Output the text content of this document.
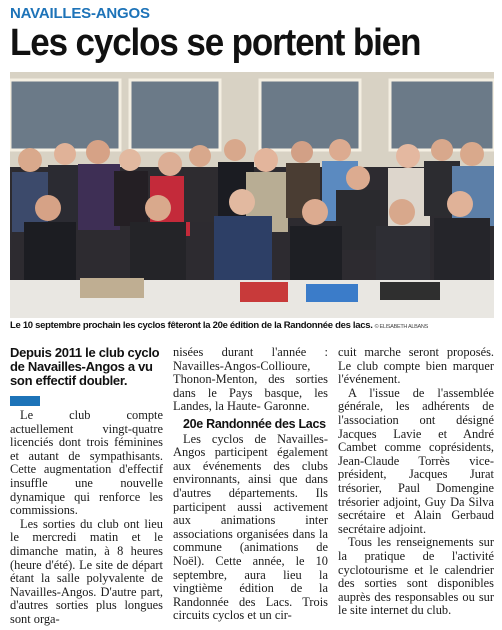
NAVAILLES-ANGOS
Les cyclos se portent bien
Le 10 septembre prochain les cyclos fêteront la 20e édition de la Randonnée des lacs. © ELISABETH ALBANS
Depuis 2011 le club cyclo de Navailles-Angos a vu son effectif doubler.

Le club compte actuellement vingt-quatre licenciés dont trois féminines et autant de sympathisants. Cette augmentation d'effectif insuffle une nouvelle dynamique qui renforce les commissions.

Les sorties du club ont lieu le mercredi matin et le dimanche matin, à 8 heures (heure d'été). Le site de départ étant la salle polyvalente de Navailles-Angos. D'autre part, d'autres sorties plus longues sont orga-

nisées durant l'année : Navailles-Angos-Collioure, Thonon-Menton, des sorties dans le Pays basque, les Landes, la Haute- Garonne.

20e Randonnée des Lacs

Les cyclos de Navailles-Angos participent également aux événements des clubs environnants, ainsi que dans d'autres départements. Ils participent aussi activement aux animations inter associations organisées dans la commune (animations de Noël). Cette année, le 10 septembre, aura lieu la vingtième édition de la Randonnée des Lacs. Trois circuits cyclos et un cir-

cuit marche seront proposés. Le club compte bien marquer l'événement.

A l'issue de l'assemblée générale, les adhérents de l'association ont désigné Jacques Lavie et André Cambet comme coprésidents, Jean-Claude Torrès vice- président, Jacques Jurat trésorier, Paul Domengine trésorier adjoint, Guy Da Silva secrétaire et Alain Gerbaud secrétaire adjoint.

Tous les renseignements sur la pratique de l'activité cyclotourisme et le calendrier des sorties sont disponibles auprès des responsables ou sur le site internet du club.
